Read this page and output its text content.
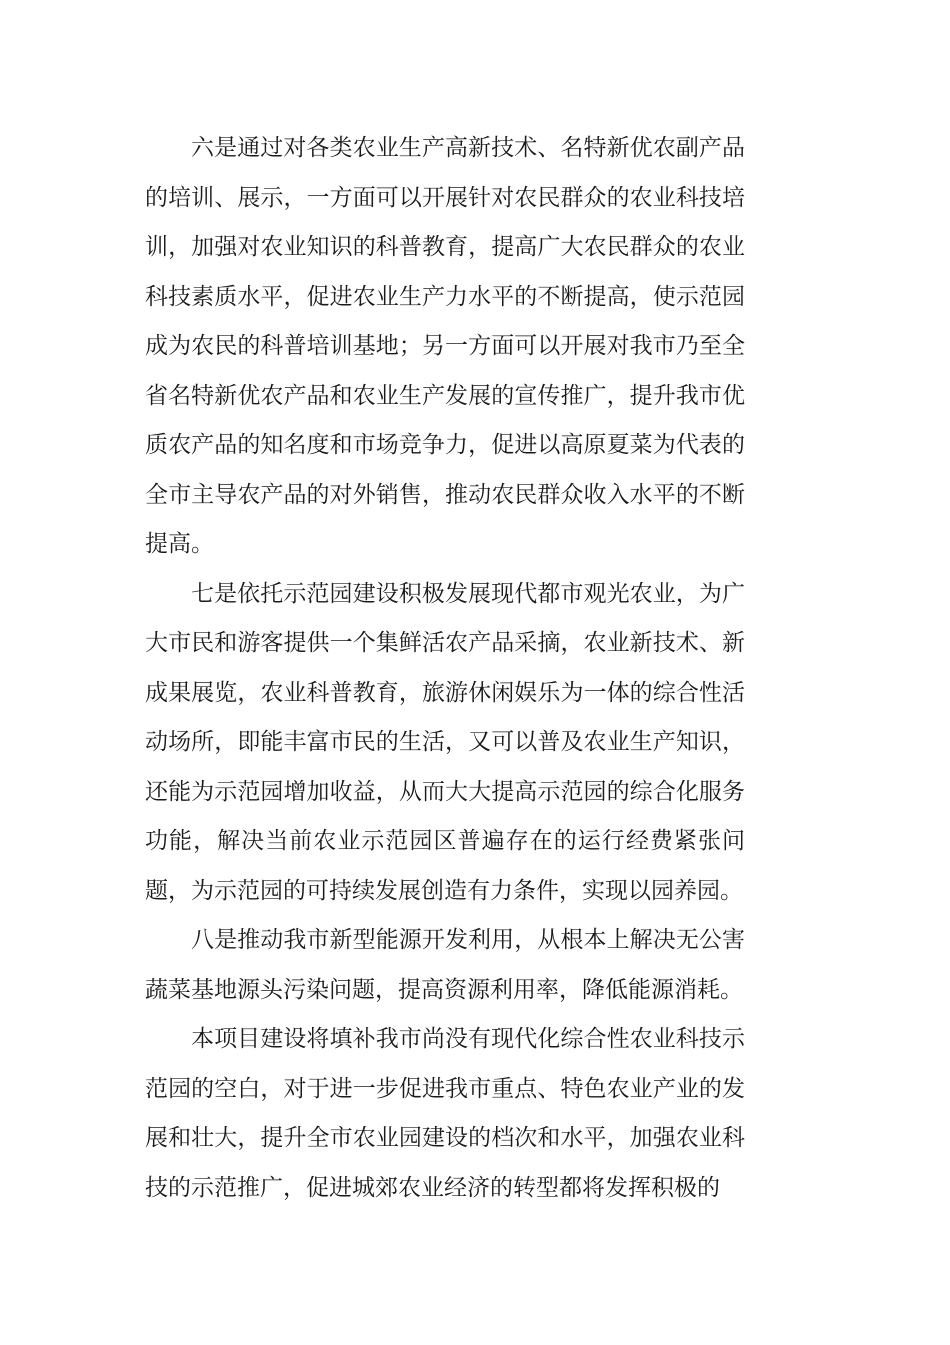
六是通过对各类农业生产高新技术、名特新优农副产品的培训、展示，一方面可以开展针对农民群众的农业科技培训，加强对农业知识的科普教育，提高广大农民群众的农业科技素质水平，促进农业生产力水平的不断提高，使示范园成为农民的科普培训基地；另一方面可以开展对我市乃至全省名特新优农产品和农业生产发展的宣传推广，提升我市优质农产品的知名度和市场竞争力，促进以高原夏菜为代表的全市主导农产品的对外销售，推动农民群众收入水平的不断提高。

七是依托示范园建设积极发展现代都市观光农业，为广大市民和游客提供一个集鲜活农产品采摘，农业新技术、新成果展览，农业科普教育，旅游休闲娱乐为一体的综合性活动场所，即能丰富市民的生活，又可以普及农业生产知识，还能为示范园增加收益，从而大大提高示范园的综合化服务功能，解决当前农业示范园区普遍存在的运行经费紧张问题，为示范园的可持续发展创造有力条件，实现以园养园。

八是推动我市新型能源开发利用，从根本上解决无公害蔬菜基地源头污染问题，提高资源利用率，降低能源消耗。

本项目建设将填补我市尚没有现代化综合性农业科技示范园的空白，对于进一步促进我市重点、特色农业产业的发展和壮大，提升全市农业园建设的档次和水平，加强农业科技的示范推广，促进城郊农业经济的转型都将发挥积极的
